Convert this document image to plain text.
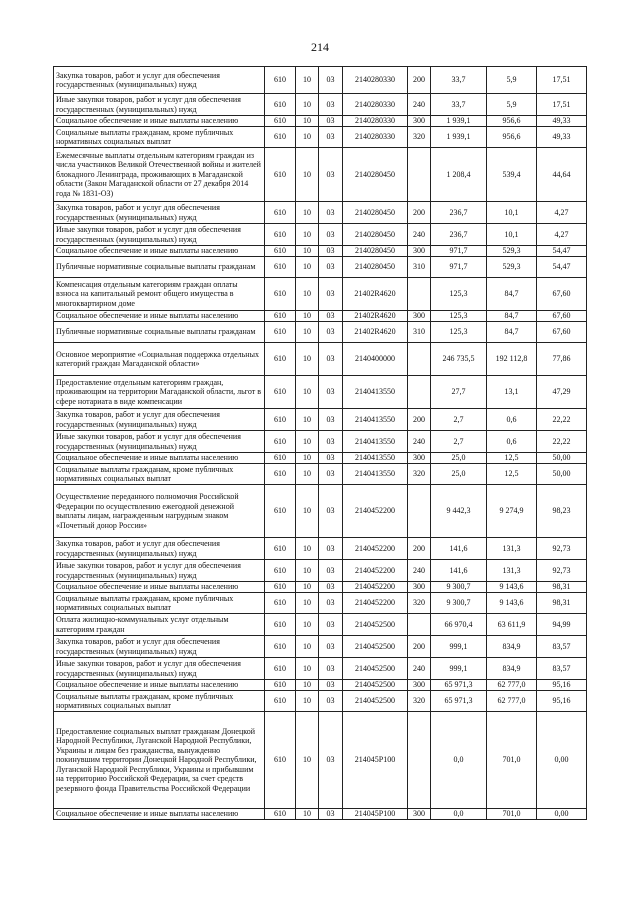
214
Закупка товаров, работ и услуг для обеспечения государственных (муниципальных) нужд	610	10	03	2140280330	200	33,7	5,9	17,51
Иные закупки товаров, работ и услуг для обеспечения государственных (муниципальных) нужд	610	10	03	2140280330	240	33,7	5,9	17,51
Социальное обеспечение и иные выплаты населению	610	10	03	2140280330	300	1 939,1	956,6	49,33
Социальные выплаты гражданам, кроме публичных нормативных социальных выплат	610	10	03	2140280330	320	1 939,1	956,6	49,33
Ежемесячные выплаты отдельным категориям граждан из числа участников Великой Отечественной войны и жителей блокадного Ленинграда, проживающих в Магаданской области (Закон Магаданской области от 27 декабря 2014 года № 1831-ОЗ)	610	10	03	2140280450		1 208,4	539,4	44,64
Закупка товаров, работ и услуг для обеспечения государственных (муниципальных) нужд	610	10	03	2140280450	200	236,7	10,1	4,27
Иные закупки товаров, работ и услуг для обеспечения государственных (муниципальных) нужд	610	10	03	2140280450	240	236,7	10,1	4,27
Социальное обеспечение и иные выплаты населению	610	10	03	2140280450	300	971,7	529,3	54,47
Публичные нормативные социальные выплаты гражданам	610	10	03	2140280450	310	971,7	529,3	54,47
Компенсация отдельным категориям граждан оплаты взноса на капитальный ремонт общего имущества в многоквартирном доме	610	10	03	21402R4620		125,3	84,7	67,60
Социальное обеспечение и иные выплаты населению	610	10	03	21402R4620	300	125,3	84,7	67,60
Публичные нормативные социальные выплаты гражданам	610	10	03	21402R4620	310	125,3	84,7	67,60
Основное мероприятие «Социальная поддержка отдельных категорий граждан Магаданской области»	610	10	03	2140400000		246 735,5	192 112,8	77,86
Предоставление отдельным категориям граждан, проживающим на территории Магаданской области, льгот в сфере нотариата в виде компенсации	610	10	03	2140413550		27,7	13,1	47,29
Закупка товаров, работ и услуг для обеспечения государственных (муниципальных) нужд	610	10	03	2140413550	200	2,7	0,6	22,22
Иные закупки товаров, работ и услуг для обеспечения государственных (муниципальных) нужд	610	10	03	2140413550	240	2,7	0,6	22,22
Социальное обеспечение и иные выплаты населению	610	10	03	2140413550	300	25,0	12,5	50,00
Социальные выплаты гражданам, кроме публичных нормативных социальных выплат	610	10	03	2140413550	320	25,0	12,5	50,00
Осуществление переданного полномочия Российской Федерации по осуществлению ежегодной денежной выплаты лицам, награжденным нагрудным знаком «Почетный донор России»	610	10	03	2140452200		9 442,3	9 274,9	98,23
Закупка товаров, работ и услуг для обеспечения государственных (муниципальных) нужд	610	10	03	2140452200	200	141,6	131,3	92,73
Иные закупки товаров, работ и услуг для обеспечения государственных (муниципальных) нужд	610	10	03	2140452200	240	141,6	131,3	92,73
Социальное обеспечение и иные выплаты населению	610	10	03	2140452200	300	9 300,7	9 143,6	98,31
Социальные выплаты гражданам, кроме публичных нормативных социальных выплат	610	10	03	2140452200	320	9 300,7	9 143,6	98,31
Оплата жилищно-коммунальных услуг отдельным категориям граждан	610	10	03	2140452500		66 970,4	63 611,9	94,99
Закупка товаров, работ и услуг для обеспечения государственных (муниципальных) нужд	610	10	03	2140452500	200	999,1	834,9	83,57
Иные закупки товаров, работ и услуг для обеспечения государственных (муниципальных) нужд	610	10	03	2140452500	240	999,1	834,9	83,57
Социальное обеспечение и иные выплаты населению	610	10	03	2140452500	300	65 971,3	62 777,0	95,16
Социальные выплаты гражданам, кроме публичных нормативных социальных выплат	610	10	03	2140452500	320	65 971,3	62 777,0	95,16
Предоставление социальных выплат гражданам Донецкой Народной Республики, Луганской Народной Республики, Украины и лицам без гражданства, вынужденно покинувшим территории Донецкой Народной Республики, Луганской Народной Республики, Украины и прибывшим на территорию Российской Федерации, за счет средств резервного фонда Правительства Российской Федерации	610	10	03	214045P100		0,0	701,0	0,00
Социальное обеспечение и иные выплаты населению	610	10	03	214045P100	300	0,0	701,0	0,00
